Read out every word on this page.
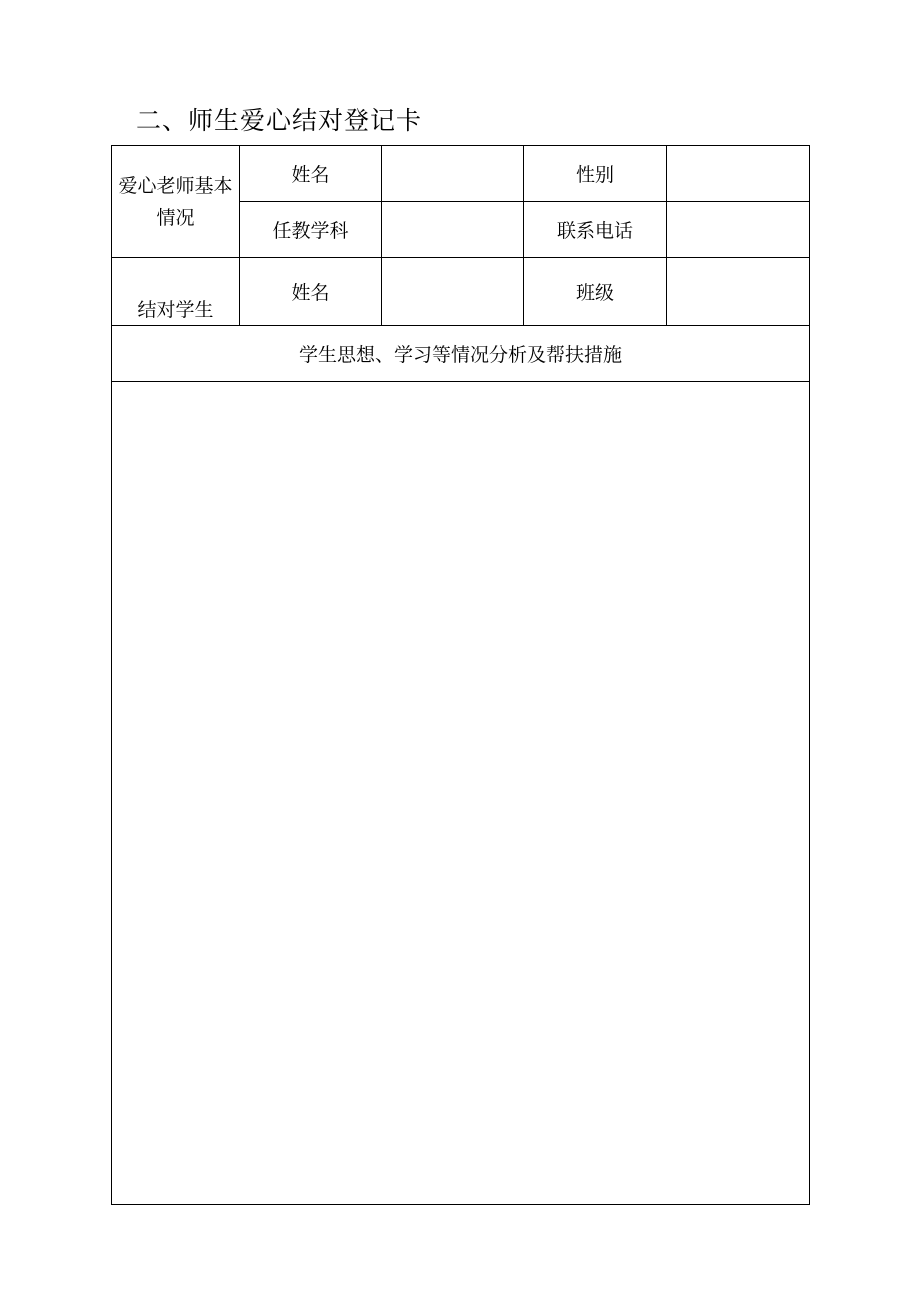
二、师生爱心结对登记卡
爱心老师基本情况	姓名		性别	
	任教学科		联系电话	

结对学生	姓名		班级	
学生思想、学习等情况分析及帮扶措施				
